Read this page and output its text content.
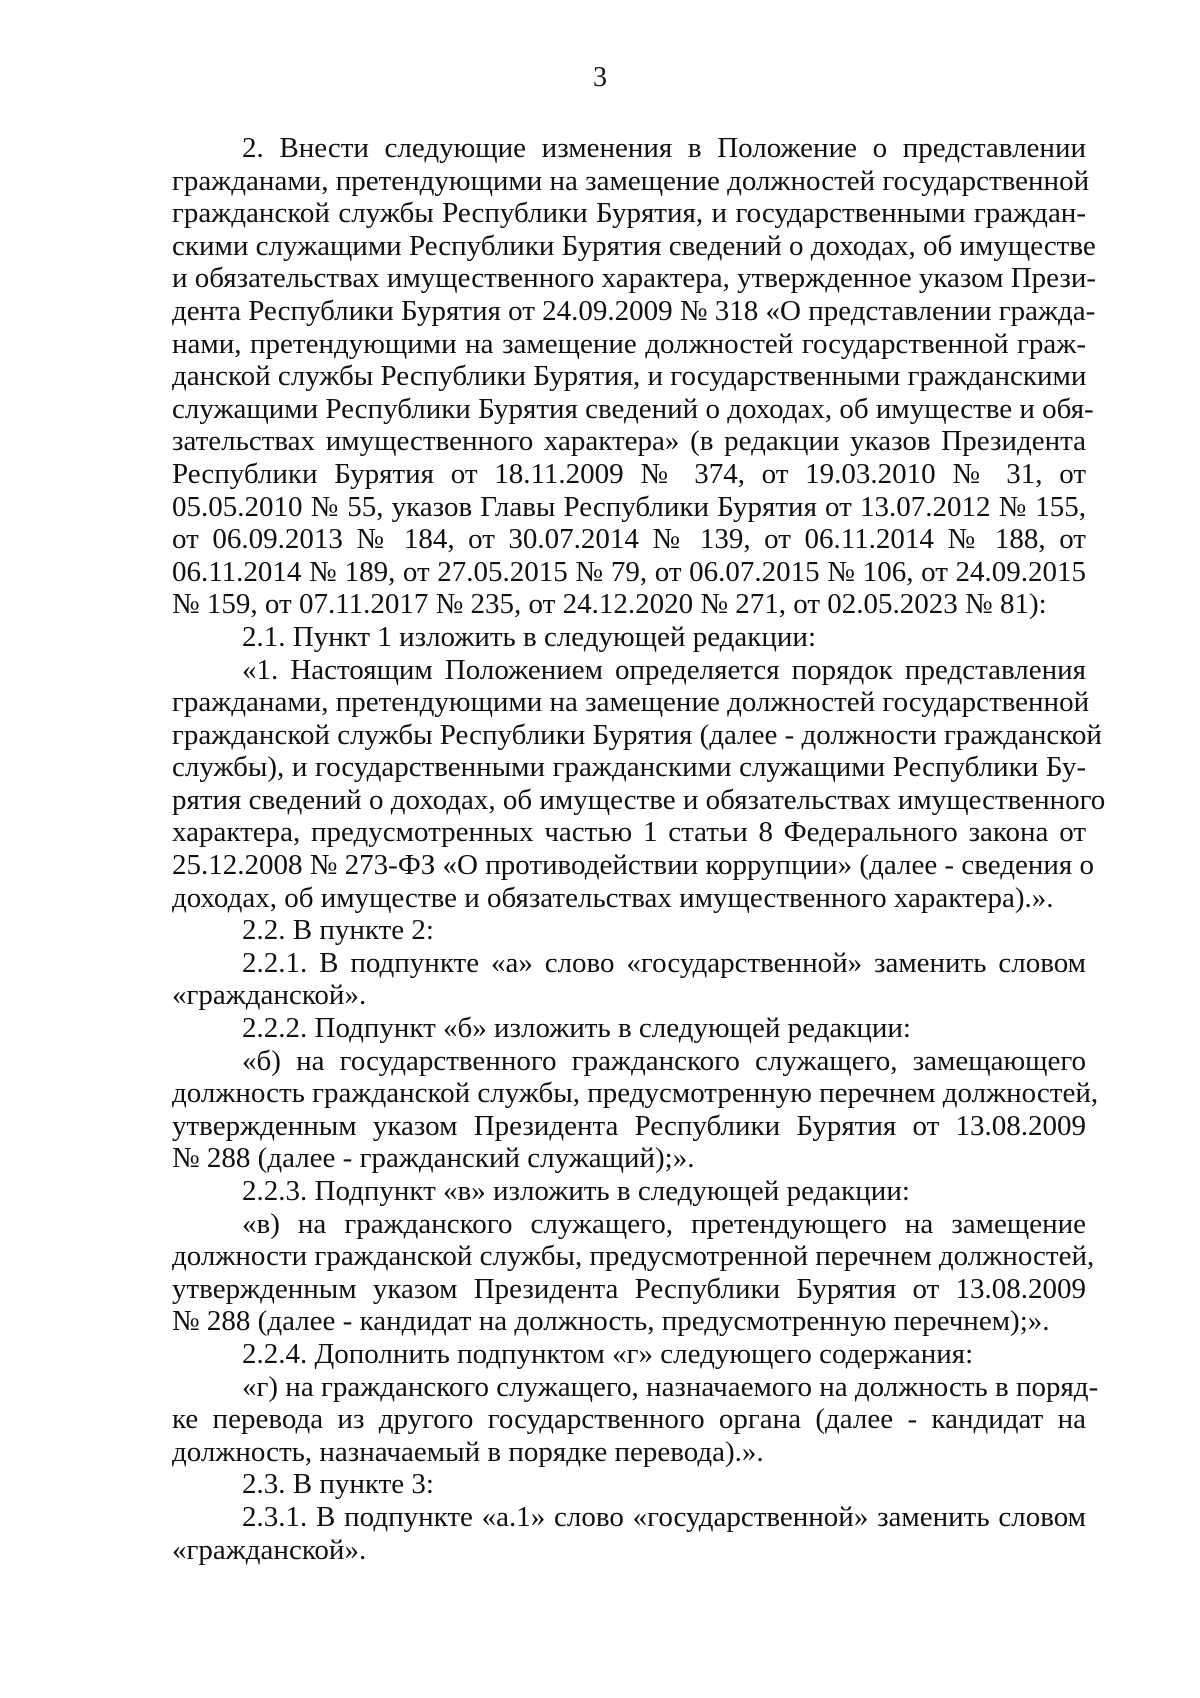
3
2. Внести следующие изменения в Положение о представлении
гражданами, претендующими на замещение должностей государственной
гражданской службы Республики Бурятия, и государственными граждан-
скими служащими Республики Бурятия сведений о доходах, об имуществе
и обязательствах имущественного характера, утвержденное указом Прези-
дента Республики Бурятия от 24.09.2009 № 318 «О представлении гражда-
нами, претендующими на замещение должностей государственной граж-
данской службы Республики Бурятия, и государственными гражданскими
служащими Республики Бурятия сведений о доходах, об имуществе и обя-
зательствах имущественного характера» (в редакции указов Президента
Республики Бурятия от 18.11.2009 № 374, от 19.03.2010 № 31, от
05.05.2010 № 55, указов Главы Республики Бурятия от 13.07.2012 № 155,
от 06.09.2013 № 184, от 30.07.2014 № 139, от 06.11.2014 № 188, от
06.11.2014 № 189, от 27.05.2015 № 79, от 06.07.2015 № 106, от 24.09.2015
№ 159, от 07.11.2017 № 235, от 24.12.2020 № 271, от 02.05.2023 № 81):
2.1. Пункт 1 изложить в следующей редакции:
«1. Настоящим Положением определяется порядок представления
гражданами, претендующими на замещение должностей государственной
гражданской службы Республики Бурятия (далее - должности гражданской
службы), и государственными гражданскими служащими Республики Бу-
рятия сведений о доходах, об имуществе и обязательствах имущественного
характера, предусмотренных частью 1 статьи 8 Федерального закона от
25.12.2008 № 273-ФЗ «О противодействии коррупции» (далее - сведения о
доходах, об имуществе и обязательствах имущественного характера).».
2.2. В пункте 2:
2.2.1. В подпункте «а» слово «государственной» заменить словом
«гражданской».
2.2.2. Подпункт «б» изложить в следующей редакции:
«б) на государственного гражданского служащего, замещающего
должность гражданской службы, предусмотренную перечнем должностей,
утвержденным указом Президента Республики Бурятия от 13.08.2009
№ 288 (далее - гражданский служащий);».
2.2.3. Подпункт «в» изложить в следующей редакции:
«в) на гражданского служащего, претендующего на замещение
должности гражданской службы, предусмотренной перечнем должностей,
утвержденным указом Президента Республики Бурятия от 13.08.2009
№ 288 (далее - кандидат на должность, предусмотренную перечнем);».
2.2.4. Дополнить подпунктом «г» следующего содержания:
«г) на гражданского служащего, назначаемого на должность в поряд-
ке перевода из другого государственного органа (далее - кандидат на
должность, назначаемый в порядке перевода).».
2.3. В пункте 3:
2.3.1. В подпункте «а.1» слово «государственной» заменить словом
«гражданской».
